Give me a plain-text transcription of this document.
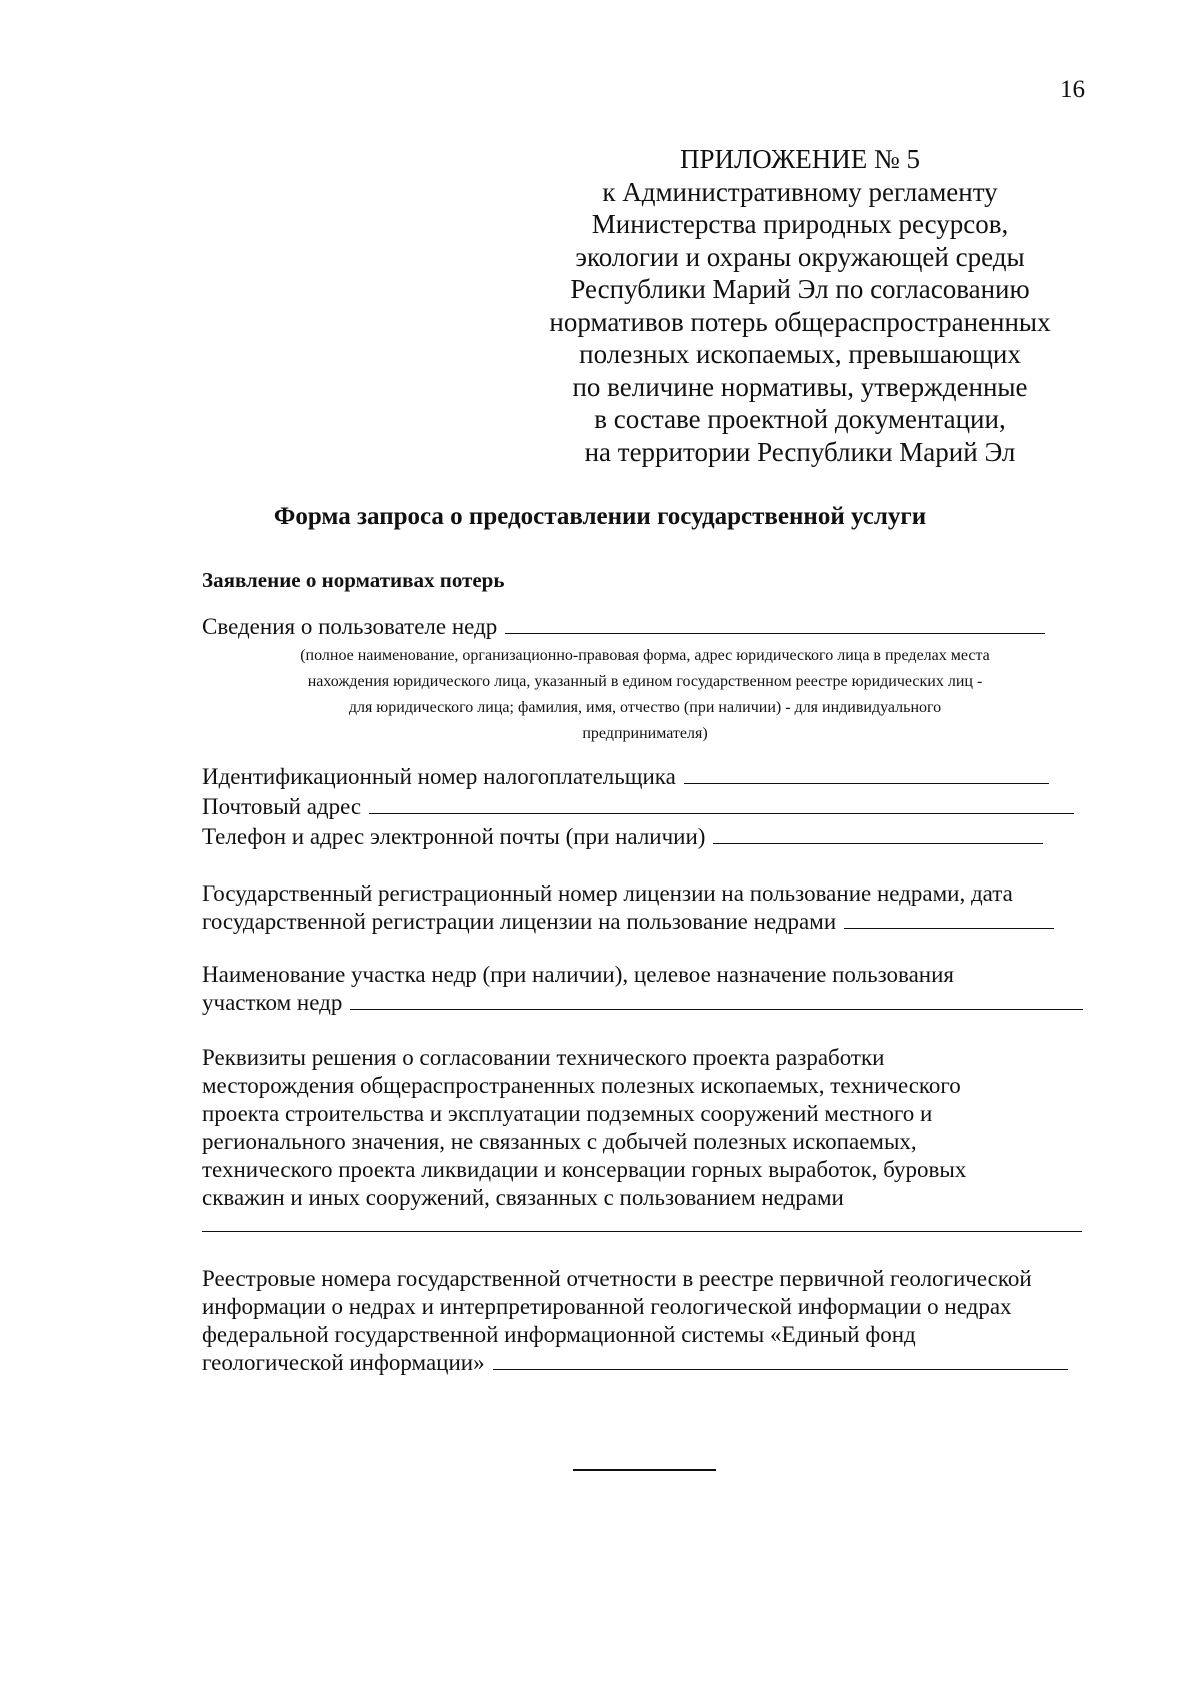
16
ПРИЛОЖЕНИЕ № 5
к Административному регламенту
Министерства природных ресурсов,
экологии и охраны окружающей среды
Республики Марий Эл по согласованию
нормативов потерь общераспространенных
полезных ископаемых, превышающих
по величине нормативы, утвержденные
в составе проектной документации,
на территории Республики Марий Эл
Форма запроса о предоставлении государственной услуги
Заявление о нормативах потерь
Сведения о пользователе недр
(полное наименование, организационно-правовая форма, адрес юридического лица в пределах места
нахождения юридического лица, указанный в едином государственном реестре юридических лиц -
для юридического лица; фамилия, имя, отчество (при наличии) - для индивидуального
предпринимателя)
Идентификационный номер налогоплательщика
Почтовый адрес
Телефон и адрес электронной почты (при наличии)
Государственный регистрационный номер лицензии на пользование недрами, дата
государственной регистрации лицензии на пользование недрами
Наименование участка недр (при наличии), целевое назначение пользования
участком недр
Реквизиты решения о согласовании технического проекта разработки
месторождения общераспространенных полезных ископаемых, технического
проекта строительства и эксплуатации подземных сооружений местного и
регионального значения, не связанных с добычей полезных ископаемых,
технического проекта ликвидации и консервации горных выработок, буровых
скважин и иных сооружений, связанных с пользованием недрами
Реестровые номера государственной отчетности в реестре первичной геологической
информации о недрах и интерпретированной геологической информации о недрах
федеральной государственной информационной системы «Единый фонд
геологической информации»
